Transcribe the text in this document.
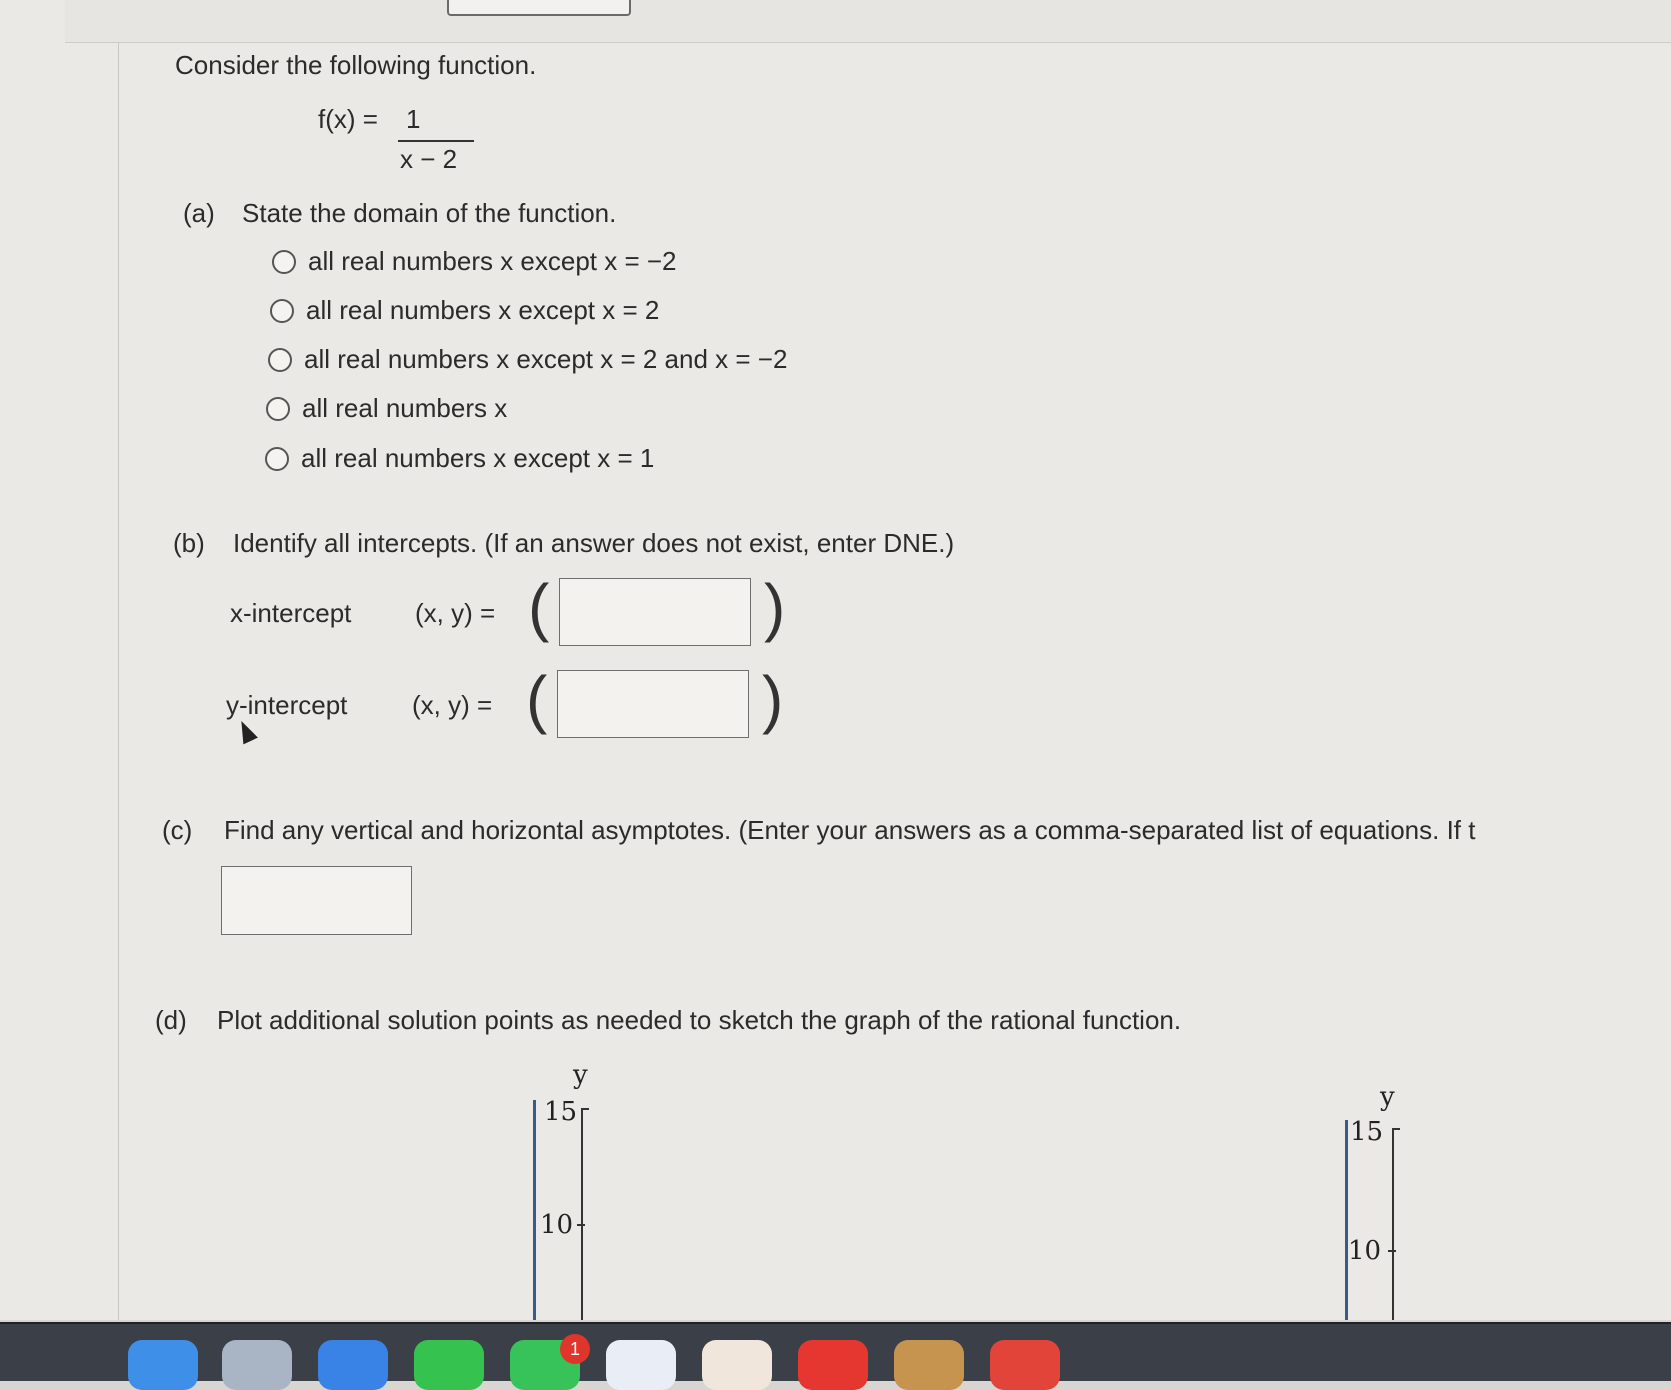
Consider the following function.
f(x) = 1
x − 2
(a) State the domain of the function.
all real numbers x except x = −2
all real numbers x except x = 2
all real numbers x except x = 2 and x = −2
all real numbers x
all real numbers x except x = 1
(b) Identify all intercepts. (If an answer does not exist, enter DNE.)
x-intercept (x, y) = (	)
y-intercept (x, y) = (	)
(c) Find any vertical and horizontal asymptotes. (Enter your answers as a comma-separated list of equations. If t
(d) Plot additional solution points as needed to sketch the graph of the rational function.
y
15
10
y
15
10
1
